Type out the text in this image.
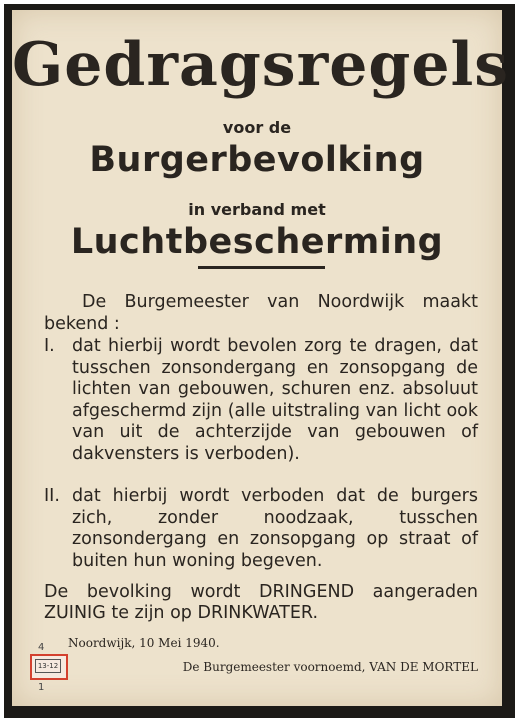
Gedragsregels
voor de
Burgerbevolking
in verband met
Luchtbescherming
De Burgemeester van Noordwijk maakt bekend :
I. dat hierbij wordt bevolen zorg te dragen, dat tusschen zonsondergang en zonsopgang de lichten van gebouwen, schuren enz. absoluut afgeschermd zijn (alle uitstraling van licht ook van uit de achterzijde van gebouwen of dakvensters is verboden).
II. dat hierbij wordt verboden dat de burgers zich, zonder noodzaak, tusschen zonsondergang en zonsopgang op straat of buiten hun woning begeven.
De bevolking wordt DRINGEND aangeraden ZUINIG te zijn op DRINKWATER.
4
13-12
1
Noordwijk, 10 Mei 1940.
De Burgemeester voornoemd, VAN DE MORTEL
